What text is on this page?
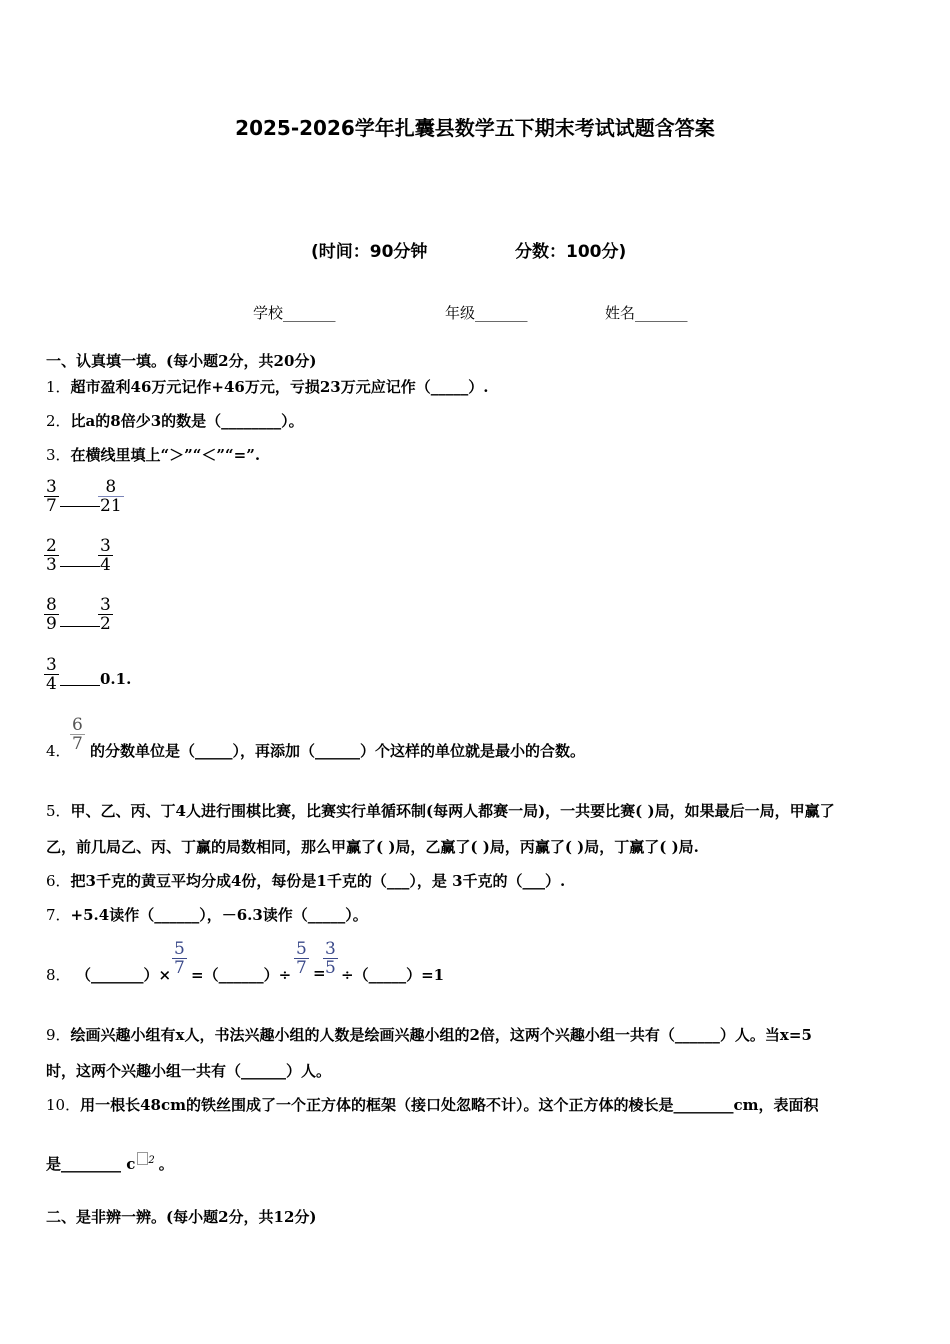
2025-2026学年扎囊县数学五下期末考试试题含答案
(时间：90分钟	分数：100分)
学校_______	年级_______	姓名_______
一、认真填一填。(每小题2分，共20分)
1．超市盈利46万元记作+46万元，亏损23万元应记作（_____）.
2．比a的8倍少3的数是（________）。
3．在横线里填上“＞”“＜”“=”.
$\frac{3}{7} \frac{8}{21}$
$\frac{2}{3} \frac{3}{4}$
$\frac{8}{9} \frac{3}{2}$
$\frac{3}{4}$	0.1.
4． $\frac{6}{7}$ 的分数单位是（_____），再添加（______）个这样的单位就是最小的合数。
5．甲、乙、丙、丁4人进行围棋比赛，比赛实行单循环制(每两人都赛一局)，一共要比赛( )局，如果最后一局，甲赢了
乙，前几局乙、丙、丁赢的局数相同，那么甲赢了( )局，乙赢了( )局，丙赢了( )局，丁赢了( )局.
6．把3千克的黄豆平均分成4份，每份是1千克的（___），是 3千克的（___）.
7．+5.4读作（______），－6.3读作（_____）。
8． （_______）× $\frac{5}{7}$ =（______）÷ $\frac{5}{7}$ =
$\frac{3}{5}$ ÷（_____）=1
9．绘画兴趣小组有x人，书法兴趣小组的人数是绘画兴趣小组的2倍，这两个兴趣小组一共有（______）人。当x=5
时，这两个兴趣小组一共有（______）人。
10．用一根长48cm的铁丝围成了一个正方体的框架（接口处忽略不计）。这个正方体的棱长是________cm，表面积
是________ c $^2$ 。
二、是非辨一辨。(每小题2分，共12分)
